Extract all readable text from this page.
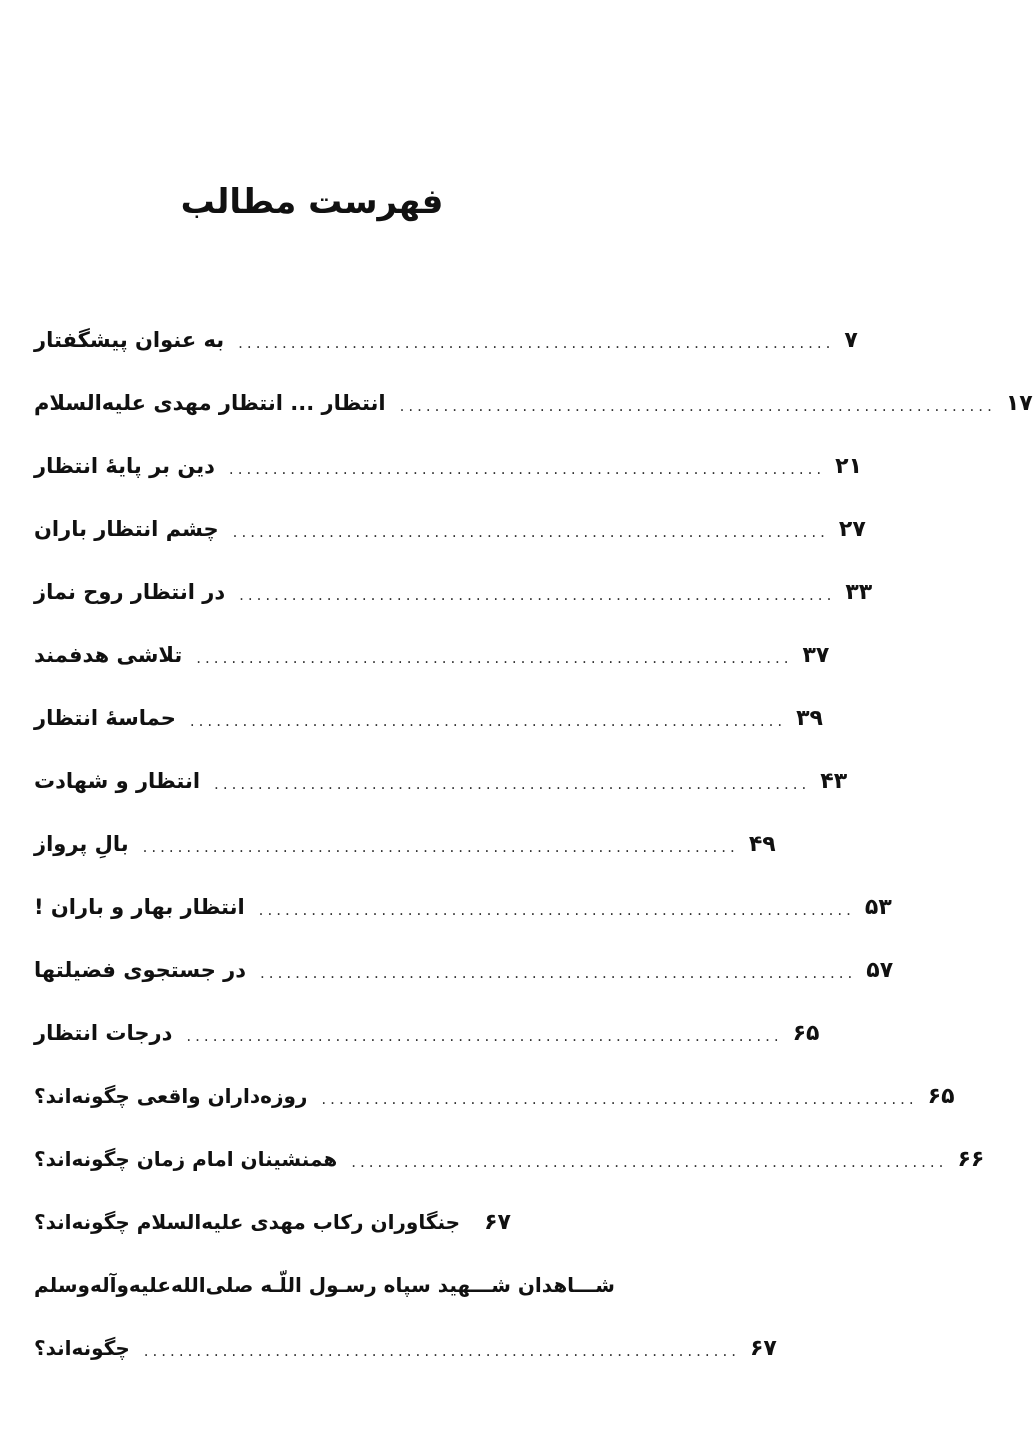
فهرست مطالب
به عنوان پیشگفتار .................................................................... ۷
انتظار ... انتظار مهدی علیه‌السلام .................................................................... ۱۷
دین بر پایهٔ انتظار .................................................................... ۲۱
چشم انتظار باران .................................................................... ۲۷
در انتظار روح نماز .................................................................... ۳۳
تلاشی هدفمند .................................................................... ۳۷
حماسهٔ انتظار .................................................................... ۳۹
انتظار و شهادت .................................................................... ۴۳
بالِ پرواز .................................................................... ۴۹
انتظار بهار و باران ! .................................................................... ۵۳
در جستجوی فضیلتها .................................................................... ۵۷
درجات انتظار .................................................................... ۶۵
روزه‌داران واقعی چگونه‌اند؟ .................................................................... ۶۵
همنشینان امام زمان چگونه‌اند؟ .................................................................... ۶۶
جنگاوران رکاب مهدی علیه‌السلام چگونه‌اند؟ ۶۷
شـــاهدان شـــهید سپاه رسـول اللّـه صلی‌الله‌علیه‌وآله‌وسلم
چگونه‌اند؟ .................................................................... ۶۷
